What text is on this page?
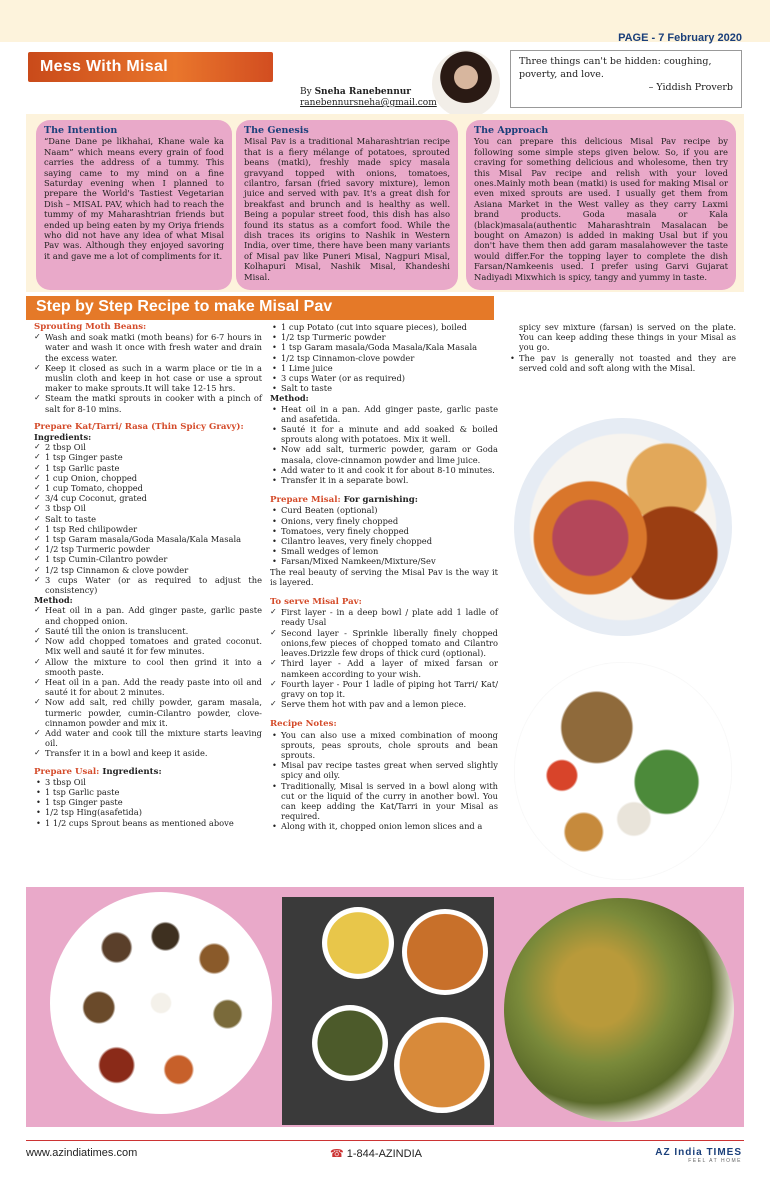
PAGE - 7 February 2020
Mess With Misal	Three things can't be hidden: coughing, poverty, and love.
– Yiddish Proverb
By Sneha Ranebennur
ranebennursneha@gmail.com
The Intention

“Dane Dane pe likhahai, Khane wale ka Naam” which means every grain of food carries the address of a tummy. This saying came to my mind on a fine Saturday evening when I planned to prepare the World's Tastiest Vegetarian Dish – MISAL PAV, which had to reach the tummy of my Maharashtrian friends but ended up being eaten by my Oriya friends who did not have any idea of what Misal Pav was. Although they enjoyed savoring it and gave me a lot of compliments for it.

The Genesis

Misal Pav is a traditional Maharashtrian recipe that is a fiery mélange of potatoes, sprouted beans (matki), freshly made spicy masala gravyand topped with onions, tomatoes, cilantro, farsan (fried savory mixture), lemon juice and served with pav. It's a great dish for breakfast and brunch and is healthy as well. Being a popular street food, this dish has also found its status as a comfort food. While the dish traces its origins to Nashik in Western India, over time, there have been many variants of Misal pav like Puneri Misal, Nagpuri Misal, Kolhapuri Misal, Nashik Misal, Khandeshi Misal.

The Approach

You can prepare this delicious Misal Pav recipe by following some simple steps given below. So, if you are craving for something delicious and wholesome, then try this Misal Pav recipe and relish with your loved ones.Mainly moth bean (matki) is used for making Misal or even mixed sprouts are used. I usually get them from Asiana Market in the West valley as they carry Laxmi brand products. Goda masala or Kala (black)masala(authentic Maharashtrain Masalacan be bought on Amazon) is added in making Usal but if you don't have them then add garam masalahowever the taste would differ.For the topping layer to complete the dish Farsan/Namkeenis used. I prefer using Garvi Gujarat Nadiyadi Mixwhich is spicy, tangy and yummy in taste.

Step by Step Recipe to make Misal Pav
Sprouting Moth Beans:
✓ Wash and soak matki (moth beans) for 6-7 hours in water and wash it once with fresh water and drain the excess water.
✓ Keep it closed as such in a warm place or tie in a muslin cloth and keep in hot case or use a sprout maker to make sprouts.It will take 12-15 hrs.
✓ Steam the matki sprouts in cooker with a pinch of salt for 8-10 mins.
Prepare Kat/Tarri/ Rasa (Thin Spicy Gravy):

Ingredients:

✓ 2 tbsp Oil
✓ 1 tsp Ginger paste
✓ 1 tsp Garlic paste
✓ 1 cup Onion, chopped
✓ 1 cup Tomato, chopped
✓ 3/4 cup Coconut, grated
✓ 3 tbsp Oil
✓ Salt to taste
✓ 1 tsp Red chilipowder
✓ 1 tsp Garam masala/Goda Masala/Kala Masala
✓ 1/2 tsp Turmeric powder
✓ 1 tsp Cumin-Cilantro powder
✓ 1/2 tsp Cinnamon & clove powder
✓ 3 cups Water (or as required to adjust the consistency)

Method:

✓ Heat oil in a pan. Add ginger paste, garlic paste and chopped onion.
✓ Sauté till the onion is translucent.
✓ Now add chopped tomatoes and grated coconut. Mix well and sauté it for few minutes.
✓ Allow the mixture to cool then grind it into a smooth paste.
✓ Heat oil in a pan. Add the ready paste into oil and sauté it for about 2 minutes.
✓ Now add salt, red chilly powder, garam masala, turmeric powder, cumin-Cilantro powder, clove-cinnamon powder and mix it.
✓ Add water and cook till the mixture starts leaving oil.
✓ Transfer it in a bowl and keep it aside.
Prepare Usal: Ingredients:
• 3 tbsp Oil
• 1 tsp Garlic paste
• 1 tsp Ginger paste
• 1/2 tsp Hing(asafetida)
• 1 1/2 cups Sprout beans as mentioned above
• 1 cup Potato (cut into square pieces), boiled
• 1/2 tsp Turmeric powder
• 1 tsp Garam masala/Goda Masala/Kala Masala
• 1/2 tsp Cinnamon-clove powder
• 1 Lime juice
• 3 cups Water (or as required)
• Salt to taste

Method:

• Heat oil in a pan. Add ginger paste, garlic paste and asafetida.
• Sauté it for a minute and add soaked & boiled sprouts along with potatoes. Mix it well.
• Now add salt, turmeric powder, garam or Goda masala, clove-cinnamon powder and lime juice.
• Add water to it and cook it for about 8-10 minutes.
• Transfer it in a separate bowl.
Prepare Misal: For garnishing:
• Curd Beaten (optional)
• Onions, very finely chopped
• Tomatoes, very finely chopped
• Cilantro leaves, very finely chopped
• Small wedges of lemon
• Farsan/Mixed Namkeen/Mixture/Sev

The real beauty of serving the Misal Pav is the way it is layered.

To serve Misal Pav:
✓ First layer - in a deep bowl / plate add 1 ladle of ready Usal
✓ Second layer - Sprinkle liberally finely chopped onions,few pieces of chopped tomato and Cilantro leaves.Drizzle few drops of thick curd (optional).
✓ Third layer - Add a layer of mixed farsan or namkeen according to your wish.
✓ Fourth layer - Pour 1 ladle of piping hot Tarri/ Kat/ gravy on top it.
✓ Serve them hot with pav and a lemon piece.
Recipe Notes:
• You can also use a mixed combination of moong sprouts, peas sprouts, chole sprouts and bean sprouts.
• Misal pav recipe tastes great when served slightly spicy and oily.
• Traditionally, Misal is served in a bowl along with cut or the liquid of the curry in another bowl. You can keep adding the Kat/Tarri in your Misal as required.
• Along with it, chopped onion lemon slices and a

spicy sev mixture (farsan) is served on the plate. You can keep adding these things in your Misal as you go.

• The pav is generally not toasted and they are served cold and soft along with the Misal.
www.azindiatimes.com	☎ 1-844-AZINDIA	AZ India TIMES
FEEL AT HOME
